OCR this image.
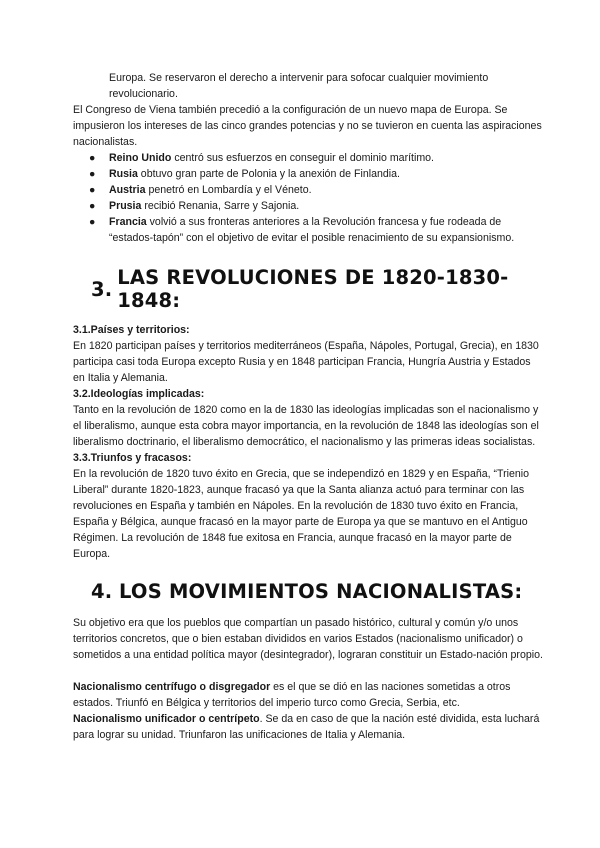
Europa. Se reservaron el derecho a intervenir para sofocar cualquier movimiento revolucionario.

El Congreso de Viena también precedió a la configuración de un nuevo mapa de Europa. Se impusieron los intereses de las cinco grandes potencias y no se tuvieron en cuenta las aspiraciones nacionalistas.

● Reino Unido centró sus esfuerzos en conseguir el dominio marítimo.
● Rusia obtuvo gran parte de Polonia y la anexión de Finlandia.
● Austria penetró en Lombardía y el Véneto.
● Prusia recibió Renania, Sarre y Sajonia.
● Francia volvió a sus fronteras anteriores a la Revolución francesa y fue rodeada de “estados-tapón” con el objetivo de evitar el posible renacimiento de su expansionismo.
3. LAS REVOLUCIONES DE 1820-1830-1848:

3.1.Países y territorios:

En 1820 participan países y territorios mediterráneos (España, Nápoles, Portugal, Grecia), en 1830 participa casi toda Europa excepto Rusia y en 1848 participan Francia, Hungría Austria y Estados en Italia y Alemania.

3.2.Ideologías implicadas:

Tanto en la revolución de 1820 como en la de 1830 las ideologías implicadas son el nacionalismo y el liberalismo, aunque esta cobra mayor importancia, en la revolución de 1848 las ideologías son el liberalismo doctrinario, el liberalismo democrático, el nacionalismo y las primeras ideas socialistas.

3.3.Triunfos y fracasos:

En la revolución de 1820 tuvo éxito en Grecia, que se independizó en 1829 y en España, “Trienio Liberal” durante 1820-1823, aunque fracasó ya que la Santa alianza actuó para terminar con las revoluciones en España y también en Nápoles. En la revolución de 1830 tuvo éxito en Francia, España y Bélgica, aunque fracasó en la mayor parte de Europa ya que se mantuvo en el Antiguo Régimen. La revolución de 1848 fue exitosa en Francia, aunque fracasó en la mayor parte de Europa.

4. LOS MOVIMIENTOS NACIONALISTAS:

Su objetivo era que los pueblos que compartían un pasado histórico, cultural y común y/o unos territorios concretos, que o bien estaban divididos en varios Estados (nacionalismo unificador) o sometidos a una entidad política mayor (desintegrador), lograran constituir un Estado-nación propio.

Nacionalismo centrífugo o disgregador es el que se dió en las naciones sometidas a otros estados. Triunfó en Bélgica y territorios del imperio turco como Grecia, Serbia, etc.

Nacionalismo unificador o centrípeto. Se da en caso de que la nación esté dividida, esta luchará para lograr su unidad. Triunfaron las unificaciones de Italia y Alemania.
